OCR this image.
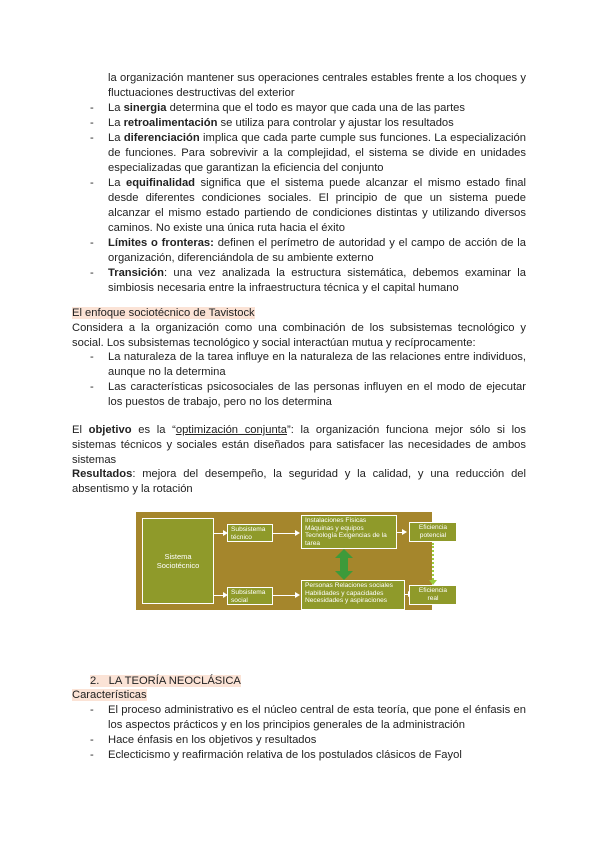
la organización mantener sus operaciones centrales estables frente a los choques y fluctuaciones destructivas del exterior
- La sinergia determina que el todo es mayor que cada una de las partes
- La retroalimentación se utiliza para controlar y ajustar los resultados
- La diferenciación implica que cada parte cumple sus funciones. La especialización de funciones. Para sobrevivir a la complejidad, el sistema se divide en unidades especializadas que garantizan la eficiencia del conjunto
- La equifinalidad significa que el sistema puede alcanzar el mismo estado final desde diferentes condiciones sociales. El principio de que un sistema puede alcanzar el mismo estado partiendo de condiciones distintas y utilizando diversos caminos. No existe una única ruta hacia el éxito
- Límites o fronteras: definen el perímetro de autoridad y el campo de acción de la organización, diferenciándola de su ambiente externo
- Transición: una vez analizada la estructura sistemática, debemos examinar la simbiosis necesaria entre la infraestructura técnica y el capital humano
El enfoque sociotécnico de Tavistock
Considera a la organización como una combinación de los subsistemas tecnológico y social. Los subsistemas tecnológico y social interactúan mutua y recíprocamente:
- La naturaleza de la tarea influye en la naturaleza de las relaciones entre individuos, aunque no la determina
- Las características psicosociales de las personas influyen en el modo de ejecutar los puestos de trabajo, pero no los determina
El objetivo es la “optimización conjunta”: la organización funciona mejor sólo si los sistemas técnicos y sociales están diseñados para satisfacer las necesidades de ambos sistemas
Resultados: mejora del desempeño, la seguridad y la calidad, y una reducción del absentismo y la rotación
Sistema Sociotécnico
Subsistema técnico
Subsistema social
Instalaciones Físicas Máquinas y equipos Tecnología Exigencias de la tarea
Personas Relaciones sociales Habilidades y capacidades Necesidades y aspiraciones
Eficiencia potencial
Eficiencia real
2. LA TEORÍA NEOCLÁSICA
Características
- El proceso administrativo es el núcleo central de esta teoría, que pone el énfasis en los aspectos prácticos y en los principios generales de la administración
- Hace énfasis en los objetivos y resultados
- Eclecticismo y reafirmación relativa de los postulados clásicos de Fayol
